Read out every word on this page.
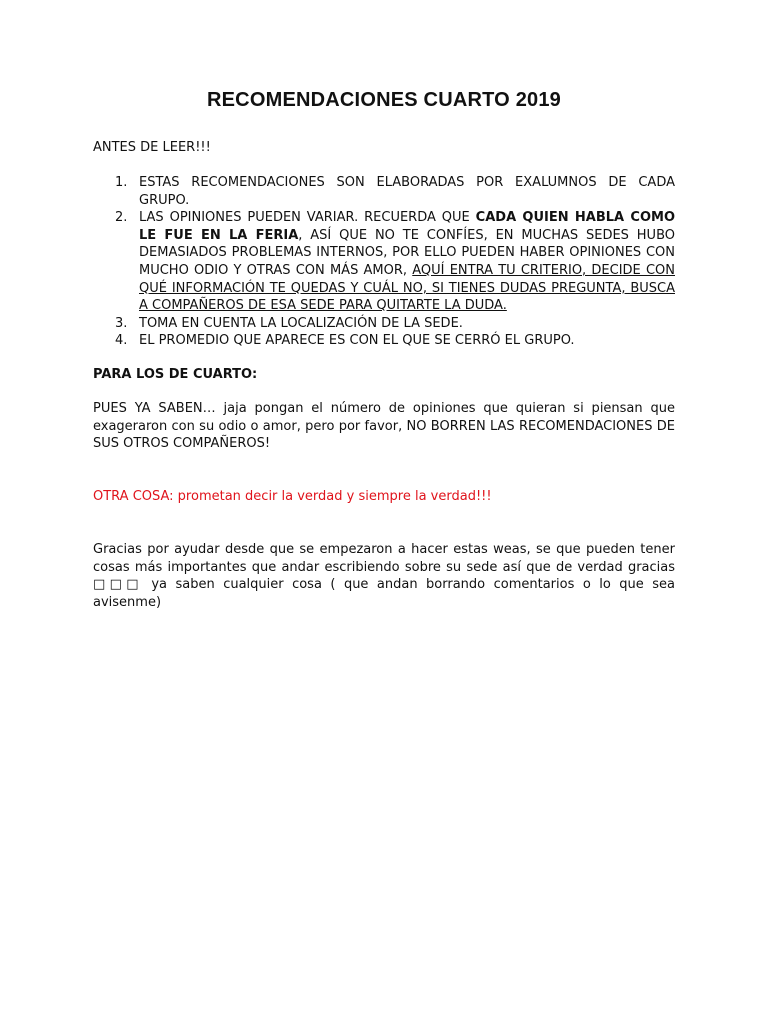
RECOMENDACIONES CUARTO 2019

ANTES DE LEER!!!

1. ESTAS RECOMENDACIONES SON ELABORADAS POR EXALUMNOS DE CADA GRUPO.
2. LAS OPINIONES PUEDEN VARIAR. RECUERDA QUE CADA QUIEN HABLA COMO LE FUE EN LA FERIA, ASÍ QUE NO TE CONFÍES, EN MUCHAS SEDES HUBO DEMASIADOS PROBLEMAS INTERNOS, POR ELLO PUEDEN HABER OPINIONES CON MUCHO ODIO Y OTRAS CON MÁS AMOR, AQUÍ ENTRA TU CRITERIO, DECIDE CON QUÉ INFORMACIÓN TE QUEDAS Y CUÁL NO, SI TIENES DUDAS PREGUNTA, BUSCA A COMPAÑEROS DE ESA SEDE PARA QUITARTE LA DUDA.
3. TOMA EN CUENTA LA LOCALIZACIÓN DE LA SEDE.
4. EL PROMEDIO QUE APARECE ES CON EL QUE SE CERRÓ EL GRUPO.

PARA LOS DE CUARTO:

PUES YA SABEN… jaja pongan el número de opiniones que quieran si piensan que exageraron con su odio o amor, pero por favor, NO BORREN LAS RECOMENDACIONES DE SUS OTROS COMPAÑEROS!

OTRA COSA: prometan decir la verdad y siempre la verdad!!!

Gracias por ayudar desde que se empezaron a hacer estas weas, se que pueden tener cosas más importantes que andar escribiendo sobre su sede así que de verdad gracias □□□ ya saben cualquier cosa ( que andan borrando comentarios o lo que sea avisenme)
